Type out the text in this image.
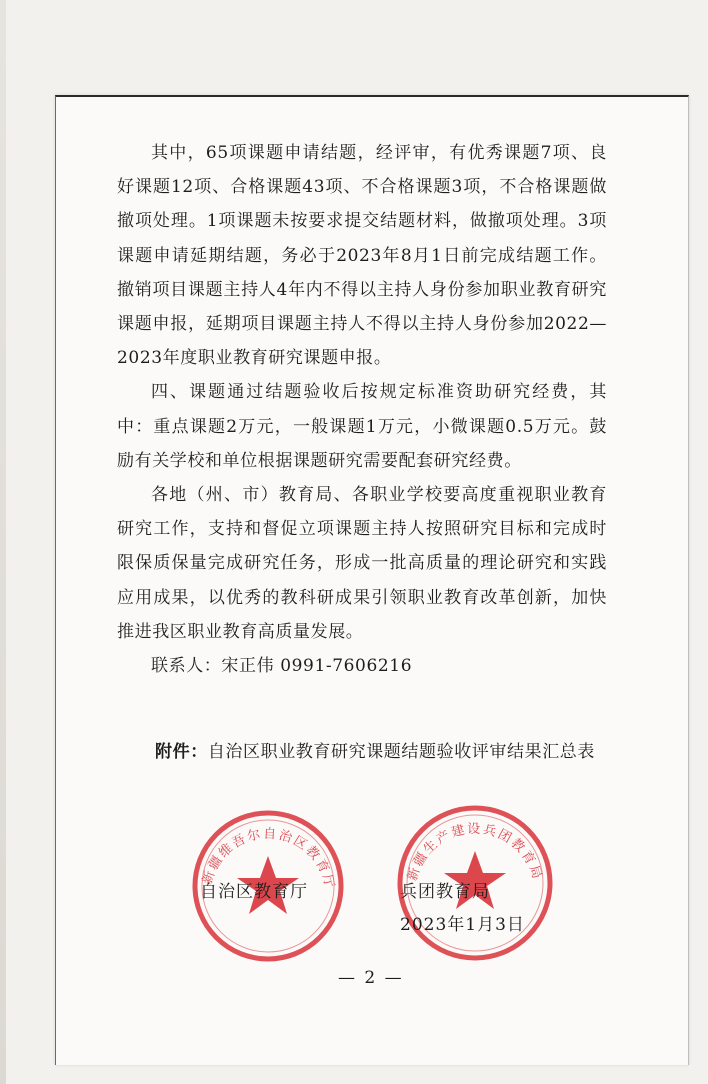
其中，65项课题申请结题，经评审，有优秀课题7项、良好课题12项、合格课题43项、不合格课题3项，不合格课题做撤项处理。1项课题未按要求提交结题材料，做撤项处理。3项课题申请延期结题，务必于2023年8月1日前完成结题工作。撤销项目课题主持人4年内不得以主持人身份参加职业教育研究课题申报，延期项目课题主持人不得以主持人身份参加2022—2023年度职业教育研究课题申报。

四、课题通过结题验收后按规定标准资助研究经费，其中：重点课题2万元，一般课题1万元，小微课题0.5万元。鼓励有关学校和单位根据课题研究需要配套研究经费。

各地（州、市）教育局、各职业学校要高度重视职业教育研究工作，支持和督促立项课题主持人按照研究目标和完成时限保质保量完成研究任务，形成一批高质量的理论研究和实践应用成果，以优秀的教科研成果引领职业教育改革创新，加快推进我区职业教育高质量发展。

联系人：宋正伟 0991-7606216

附件：自治区职业教育研究课题结题验收评审结果汇总表
新疆维吾尔自治区教育厅	新疆生产建设兵团教育局
自治区教育厅	兵团教育局
2023年1月3日
— 2 —
